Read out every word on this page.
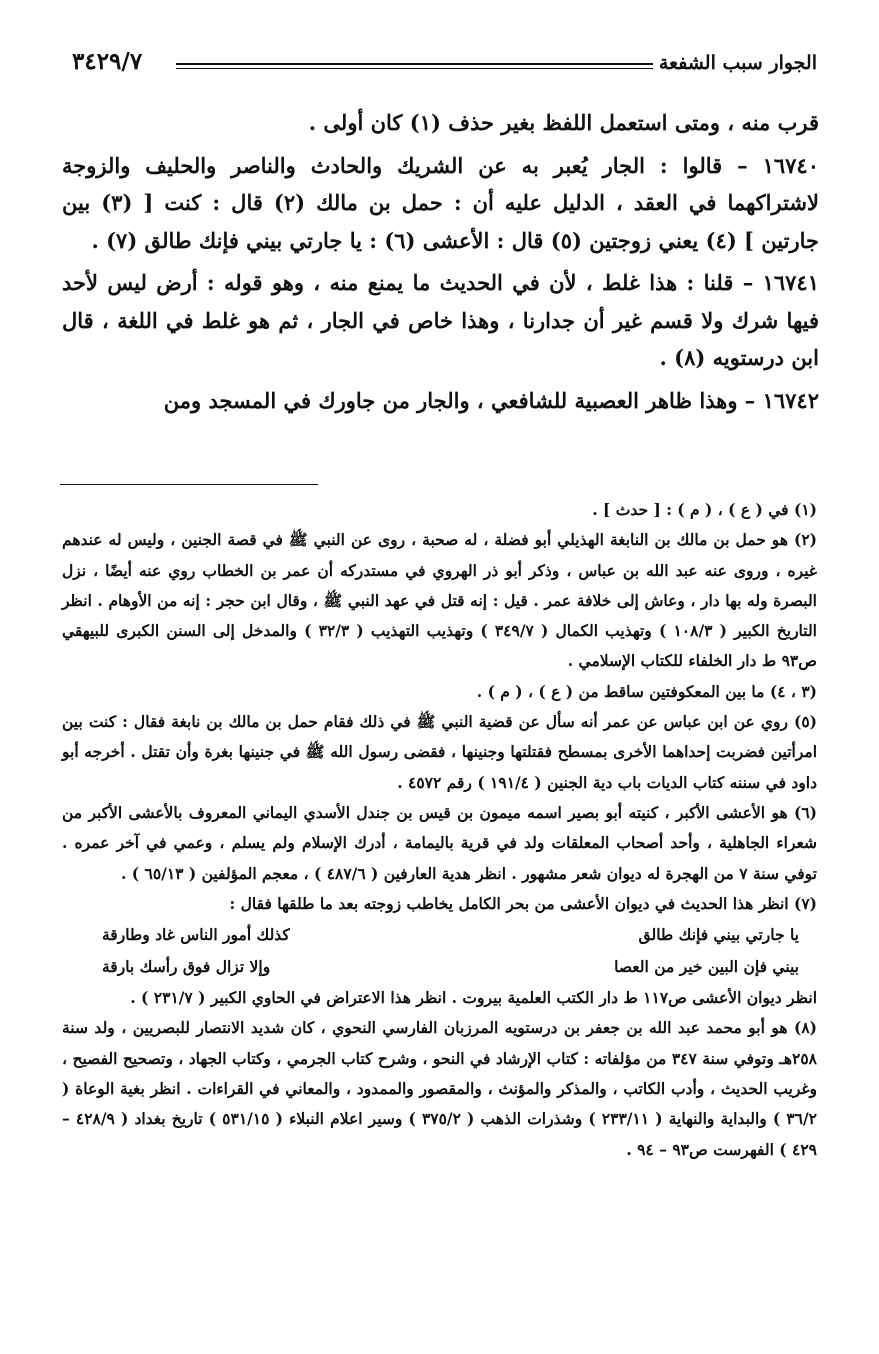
الجوار سبب الشفعة
٣٤٢٩/٧

قرب منه ، ومتى استعمل اللفظ بغير حذف (١) كان أولى .

١٦٧٤٠ – قالوا : الجار يُعبر به عن الشريك والحادث والناصر والحليف والزوجة لاشتراكهما في العقد ، الدليل عليه أن : حمل بن مالك (٢) قال : كنت [ (٣) بين جارتين ] (٤) يعني زوجتين (٥) قال : الأعشى (٦) : يا جارتي بيني فإنك طالق (٧) .

١٦٧٤١ – قلنا : هذا غلط ، لأن في الحديث ما يمنع منه ، وهو قوله : أرض ليس لأحد فيها شرك ولا قسم غير أن جدارنا ، وهذا خاص في الجار ، ثم هو غلط في اللغة ، قال ابن درستويه (٨) .

١٦٧٤٢ – وهذا ظاهر العصبية للشافعي ، والجار من جاورك في المسجد ومن

(١) في ( ع ) ، ( م ) : [ حدث ] .

(٢) هو حمل بن مالك بن النابغة الهذيلي أبو فضلة ، له صحبة ، روى عن النبي ﷺ في قصة الجنين ، وليس له عندهم غيره ، وروى عنه عبد الله بن عباس ، وذكر أبو ذر الهروي في مستدركه أن عمر بن الخطاب روي عنه أيضًا ، نزل البصرة وله بها دار ، وعاش إلى خلافة عمر . قيل : إنه قتل في عهد النبي ﷺ ، وقال ابن حجر : إنه من الأوهام . انظر التاريخ الكبير ( ١٠٨/٣ ) وتهذيب الكمال ( ٣٤٩/٧ ) وتهذيب التهذيب ( ٣٢/٣ ) والمدخل إلى السنن الكبرى للبيهقي ص٩٣ ط دار الخلفاء للكتاب الإسلامي .

(٣ ، ٤) ما بين المعكوفتين ساقط من ( ع ) ، ( م ) .

(٥) روي عن ابن عباس عن عمر أنه سأل عن قضية النبي ﷺ في ذلك فقام حمل بن مالك بن نابغة فقال : كنت بين امرأتين فضربت إحداهما الأخرى بمسطح فقتلتها وجنينها ، فقضى رسول الله ﷺ في جنينها بغرة وأن تقتل . أخرجه أبو داود في سننه كتاب الديات باب دية الجنين ( ١٩١/٤ ) رقم ٤٥٧٢ .

(٦) هو الأعشى الأكبر ، كنيته أبو بصير اسمه ميمون بن قيس بن جندل الأسدي اليماني المعروف بالأعشى الأكبر من شعراء الجاهلية ، وأحد أصحاب المعلقات ولد في قرية باليمامة ، أدرك الإسلام ولم يسلم ، وعمي في آخر عمره . توفي سنة ٧ من الهجرة له ديوان شعر مشهور . انظر هدية العارفين ( ٤٨٧/٦ ) ، معجم المؤلفين ( ٦٥/١٣ ) .

(٧) انظر هذا الحديث في ديوان الأعشى من بحر الكامل يخاطب زوجته بعد ما طلقها فقال :

يا جارتي بيني فإنك طالق
كذلك أمور الناس غاد وطارقة
بيني فإن البين خير من العصا
وإلا تزال فوق رأسك بارقة

انظر ديوان الأعشى ص١١٧ ط دار الكتب العلمية بيروت . انظر هذا الاعتراض في الحاوي الكبير ( ٢٣١/٧ ) .

(٨) هو أبو محمد عبد الله بن جعفر بن درستويه المرزبان الفارسي النحوي ، كان شديد الانتصار للبصريين ، ولد سنة ٢٥٨هـ وتوفي سنة ٣٤٧ من مؤلفاته : كتاب الإرشاد في النحو ، وشرح كتاب الجرمي ، وكتاب الجهاد ، وتصحيح الفصيح ، وغريب الحديث ، وأدب الكاتب ، والمذكر والمؤنث ، والمقصور والممدود ، والمعاني في القراءات . انظر بغية الوعاة ( ٣٦/٢ ) والبداية والنهاية ( ٢٣٣/١١ ) وشذرات الذهب ( ٣٧٥/٢ ) وسير اعلام النبلاء ( ٥٣١/١٥ ) تاريخ بغداد ( ٤٢٨/٩ – ٤٢٩ ) الفهرست ص٩٣ – ٩٤ .
